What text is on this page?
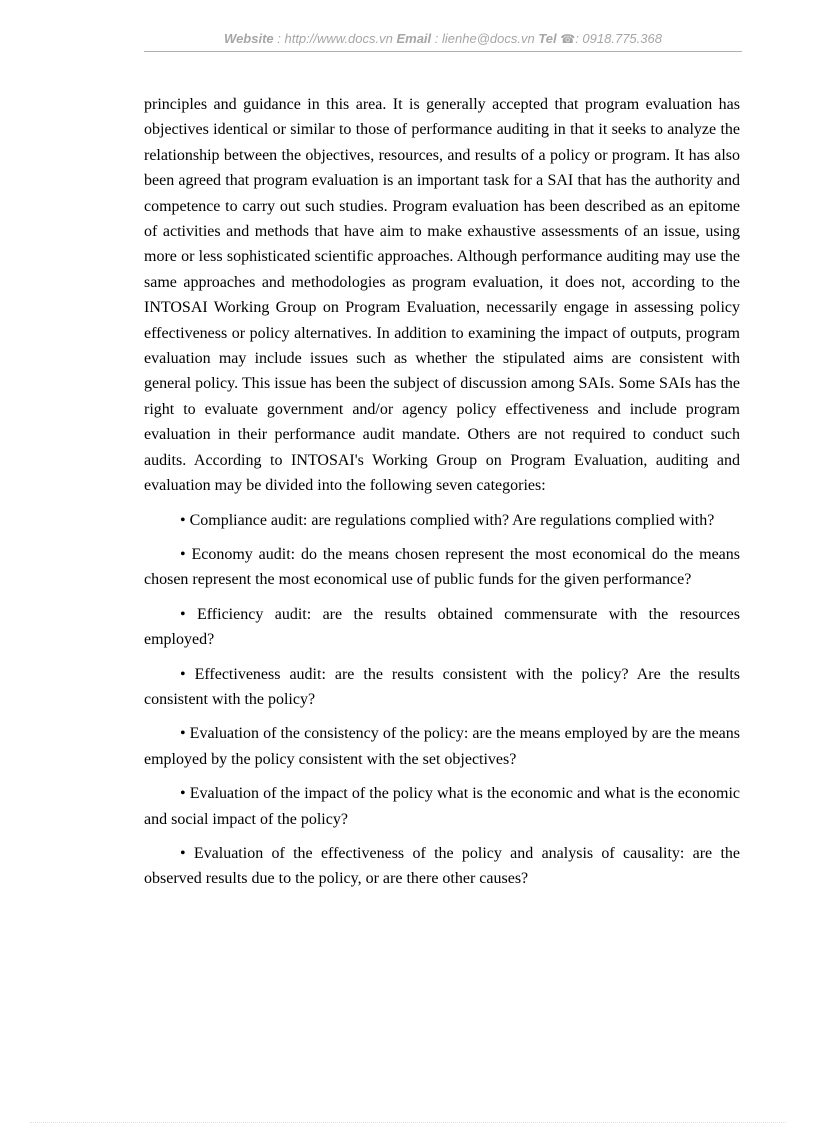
Website : http://www.docs.vn Email : lienhe@docs.vn Tel ☎: 0918.775.368

principles and guidance in this area. It is generally accepted that program evaluation has objectives identical or similar to those of performance auditing in that it seeks to analyze the relationship between the objectives, resources, and results of a policy or program. It has also been agreed that program evaluation is an important task for a SAI that has the authority and competence to carry out such studies. Program evaluation has been described as an epitome of activities and methods that have aim to make exhaustive assessments of an issue, using more or less sophisticated scientific approaches. Although performance auditing may use the same approaches and methodologies as program evaluation, it does not, according to the INTOSAI Working Group on Program Evaluation, necessarily engage in assessing policy effectiveness or policy alternatives. In addition to examining the impact of outputs, program evaluation may include issues such as whether the stipulated aims are consistent with general policy. This issue has been the subject of discussion among SAIs. Some SAIs has the right to evaluate government and/or agency policy effectiveness and include program evaluation in their performance audit mandate. Others are not required to conduct such audits. According to INTOSAI's Working Group on Program Evaluation, auditing and evaluation may be divided into the following seven categories:

• Compliance audit: are regulations complied with? Are regulations complied with?

• Economy audit: do the means chosen represent the most economical do the means chosen represent the most economical use of public funds for the given performance?

• Efficiency audit: are the results obtained commensurate with the resources employed?

• Effectiveness audit: are the results consistent with the policy? Are the results consistent with the policy?

• Evaluation of the consistency of the policy: are the means employed by are the means employed by the policy consistent with the set objectives?

• Evaluation of the impact of the policy what is the economic and what is the economic and social impact of the policy?

• Evaluation of the effectiveness of the policy and analysis of causality: are the observed results due to the policy, or are there other causes?
